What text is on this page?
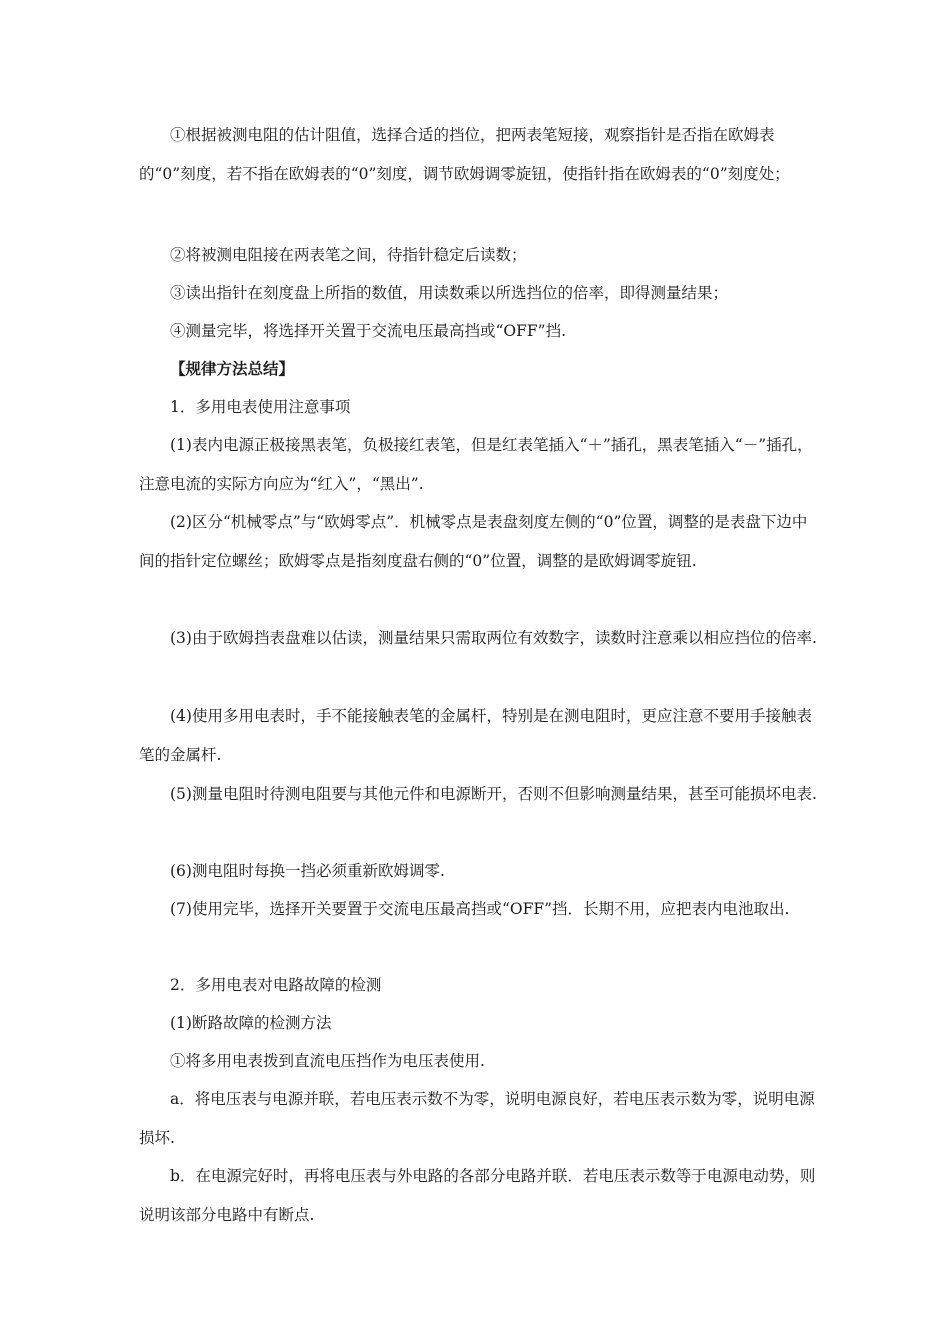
①根据被测电阻的估计阻值，选择合适的挡位，把两表笔短接，观察指针是否指在欧姆表的“0”刻度，若不指在欧姆表的“0”刻度，调节欧姆调零旋钮，使指针指在欧姆表的“0”刻度处；

②将被测电阻接在两表笔之间，待指针稳定后读数；

③读出指针在刻度盘上所指的数值，用读数乘以所选挡位的倍率，即得测量结果；

④测量完毕，将选择开关置于交流电压最高挡或“OFF”挡.

【规律方法总结】

1．多用电表使用注意事项

(1)表内电源正极接黑表笔，负极接红表笔，但是红表笔插入“＋”插孔，黑表笔插入“－”插孔，注意电流的实际方向应为“红入”，“黑出”.

(2)区分“机械零点”与“欧姆零点”．机械零点是表盘刻度左侧的“0”位置，调整的是表盘下边中间的指针定位螺丝；欧姆零点是指刻度盘右侧的“0”位置，调整的是欧姆调零旋钮.

(3)由于欧姆挡表盘难以估读，测量结果只需取两位有效数字，读数时注意乘以相应挡位的倍率.

(4)使用多用电表时，手不能接触表笔的金属杆，特别是在测电阻时，更应注意不要用手接触表笔的金属杆.

(5)测量电阻时待测电阻要与其他元件和电源断开，否则不但影响测量结果，甚至可能损坏电表.

(6)测电阻时每换一挡必须重新欧姆调零.

(7)使用完毕，选择开关要置于交流电压最高挡或“OFF”挡．长期不用，应把表内电池取出.

2．多用电表对电路故障的检测

(1)断路故障的检测方法

①将多用电表拨到直流电压挡作为电压表使用.

a．将电压表与电源并联，若电压表示数不为零，说明电源良好，若电压表示数为零，说明电源损坏.

b．在电源完好时，再将电压表与外电路的各部分电路并联．若电压表示数等于电源电动势，则说明该部分电路中有断点.
